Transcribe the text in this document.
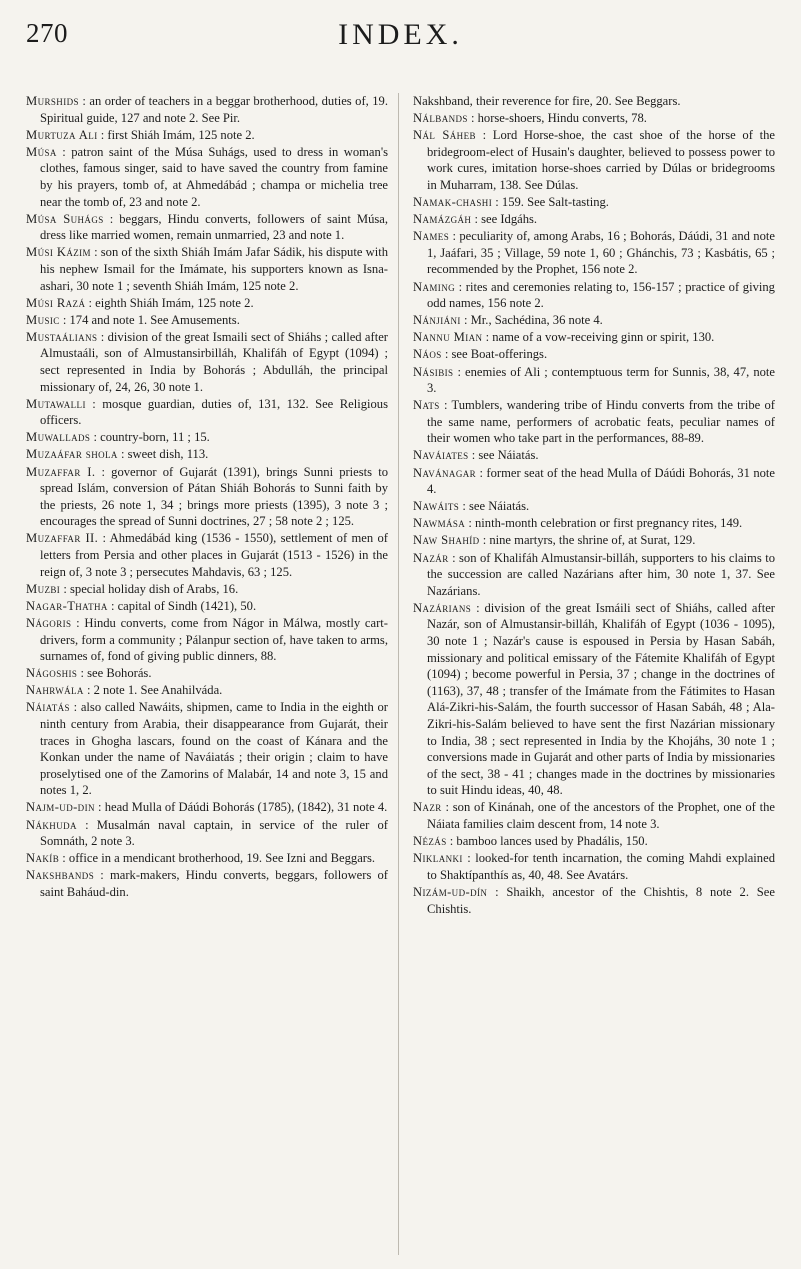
270	INDEX.

Murshids : an order of teachers in a beggar brotherhood, duties of, 19. Spiritual guide, 127 and note 2. See Pir.

Murtuza Ali : first Shiáh Imám, 125 note 2.

Músa : patron saint of the Músa Suhágs, used to dress in woman's clothes, famous singer, said to have saved the country from famine by his prayers, tomb of, at Ahmedábád ; champa or michelia tree near the tomb of, 23 and note 2.

Músa Suhágs : beggars, Hindu converts, followers of saint Músa, dress like married women, remain unmarried, 23 and note 1.

Músi Kázim : son of the sixth Shiáh Imám Jafar Sádik, his dispute with his nephew Ismail for the Imámate, his supporters known as Isna-ashari, 30 note 1 ; seventh Shiáh Imám, 125 note 2.

Músi Razá : eighth Shiáh Imám, 125 note 2.

Music : 174 and note 1. See Amusements.

Mustaálians : division of the great Ismaili sect of Shiáhs ; called after Almustaáli, son of Almustansirbilláh, Khalifáh of Egypt (1094) ; sect represented in India by Bohorás ; Abdulláh, the principal missionary of, 24, 26, 30 note 1.

Mutawalli : mosque guardian, duties of, 131, 132. See Religious officers.

Muwallads : country-born, 11 ; 15.

Muzaáfar shola : sweet dish, 113.

Muzaffar I. : governor of Gujarát (1391), brings Sunni priests to spread Islám, conversion of Pátan Shiáh Bohorás to Sunni faith by the priests, 26 note 1, 34 ; brings more priests (1395), 3 note 3 ; encourages the spread of Sunni doctrines, 27 ; 58 note 2 ; 125.

Muzaffar II. : Ahmedábád king (1536 - 1550), settlement of men of letters from Persia and other places in Gujarát (1513 - 1526) in the reign of, 3 note 3 ; persecutes Mahdavis, 63 ; 125.

Muzbi : special holiday dish of Arabs, 16.

Nagar-Thatha : capital of Sindh (1421), 50.

Nágoris : Hindu converts, come from Nágor in Málwa, mostly cart-drivers, form a community ; Pálanpur section of, have taken to arms, surnames of, fond of giving public dinners, 88.

Nágoshis : see Bohorás.

Nahrwála : 2 note 1. See Anahilváda.

Náiatás : also called Nawáits, shipmen, came to India in the eighth or ninth century from Arabia, their disappearance from Gujarát, their traces in Ghogha lascars, found on the coast of Kánara and the Konkan under the name of Naváiatás ; their origin ; claim to have proselytised one of the Zamorins of Malabár, 14 and note 3, 15 and notes 1, 2.

Najm-ud-din : head Mulla of Dáúdi Bohorás (1785), (1842), 31 note 4.

Nákhuda : Musalmán naval captain, in service of the ruler of Somnáth, 2 note 3.

Nakíb : office in a mendicant brotherhood, 19. See Izni and Beggars.

Nakshbands : mark-makers, Hindu converts, beggars, followers of saint Baháud-din.

Nakshband, their reverence for fire, 20. See Beggars.

Nálbands : horse-shoers, Hindu converts, 78.

Nál Sáheb : Lord Horse-shoe, the cast shoe of the horse of the bridegroom-elect of Husain's daughter, believed to possess power to work cures, imitation horse-shoes carried by Dúlas or bridegrooms in Muharram, 138. See Dúlas.

Namak-chashi : 159. See Salt-tasting.

Namázgáh : see Idgáhs.

Names : peculiarity of, among Arabs, 16 ; Bohorás, Dáúdi, 31 and note 1, Jaáfari, 35 ; Village, 59 note 1, 60 ; Ghánchis, 73 ; Kasbátis, 65 ; recommended by the Prophet, 156 note 2.

Naming : rites and ceremonies relating to, 156-157 ; practice of giving odd names, 156 note 2.

Nánjiáni : Mr., Sachédina, 36 note 4.

Nannu Mian : name of a vow-receiving ginn or spirit, 130.

Náos : see Boat-offerings.

Násibis : enemies of Ali ; contemptuous term for Sunnis, 38, 47, note 3.

Nats : Tumblers, wandering tribe of Hindu converts from the tribe of the same name, performers of acrobatic feats, peculiar names of their women who take part in the performances, 88-89.

Naváiates : see Náiatás.

Navánagar : former seat of the head Mulla of Dáúdi Bohorás, 31 note 4.

Nawáits : see Náiatás.

Nawmása : ninth-month celebration or first pregnancy rites, 149.

Naw Shahíd : nine martyrs, the shrine of, at Surat, 129.

Nazár : son of Khalifáh Almustansir-billáh, supporters to his claims to the succession are called Nazárians after him, 30 note 1, 37. See Nazárians.

Nazárians : division of the great Ismáili sect of Shiáhs, called after Nazár, son of Almustansir-billáh, Khalifáh of Egypt (1036 - 1095), 30 note 1 ; Nazár's cause is espoused in Persia by Hasan Sabáh, missionary and political emissary of the Fátemite Khalifáh of Egypt (1094) ; become powerful in Persia, 37 ; change in the doctrines of (1163), 37, 48 ; transfer of the Imámate from the Fátimites to Hasan Alá-Zikri-his-Salám, the fourth successor of Hasan Sabáh, 48 ; Ala-Zikri-his-Salám believed to have sent the first Nazárian missionary to India, 38 ; sect represented in India by the Khojáhs, 30 note 1 ; conversions made in Gujarát and other parts of India by missionaries of the sect, 38 - 41 ; changes made in the doctrines by missionaries to suit Hindu ideas, 40, 48.

Nazr : son of Kinánah, one of the ancestors of the Prophet, one of the Náiata families claim descent from, 14 note 3.

Nézás : bamboo lances used by Phadális, 150.

Niklanki : looked-for tenth incarnation, the coming Mahdi explained to Shaktípanthís as, 40, 48. See Avatárs.

Nizám-ud-dín : Shaikh, ancestor of the Chishtis, 8 note 2. See Chishtis.
